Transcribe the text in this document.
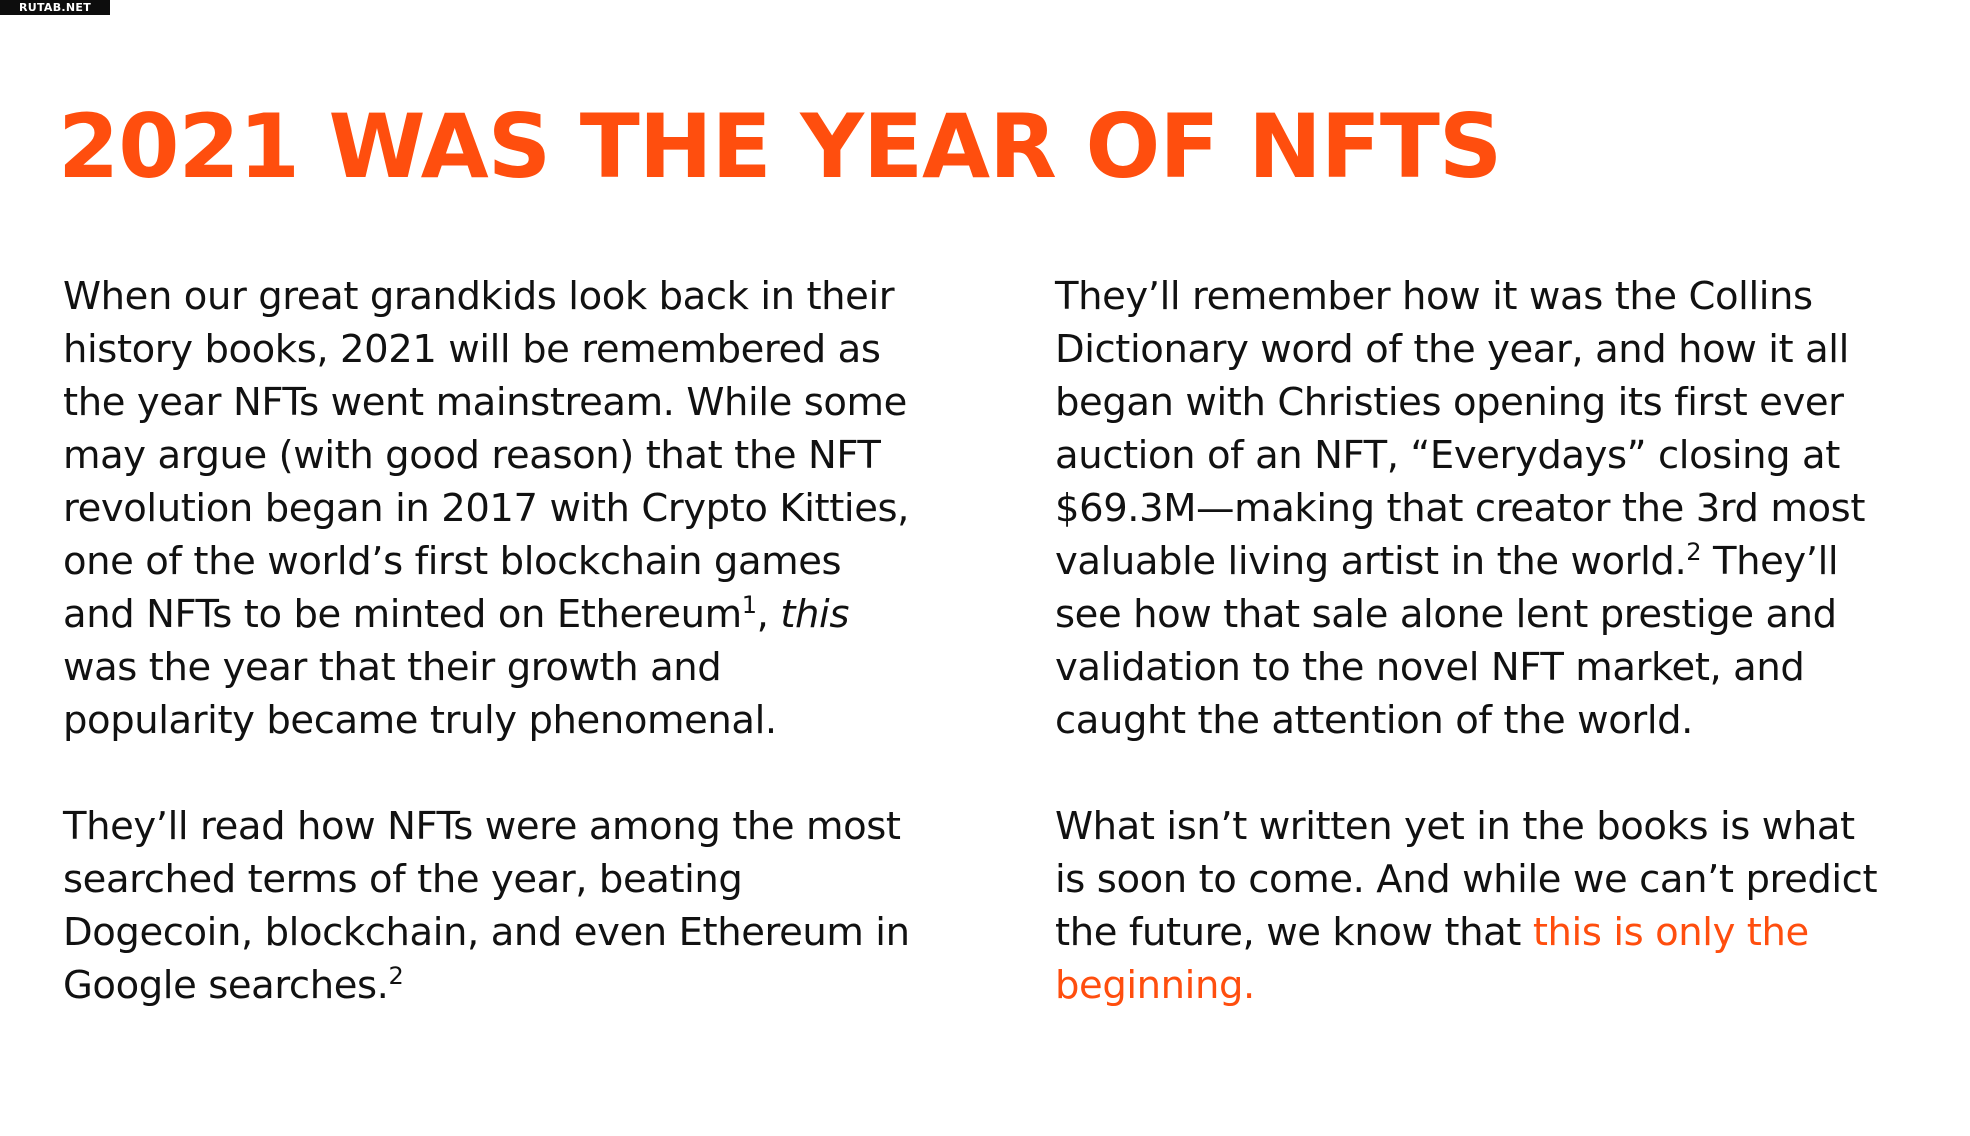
RUTAB.NET
2021 WAS THE YEAR OF NFTS
When our great grandkids look back in their
history books, 2021 will be remembered as
the year NFTs went mainstream. While some
may argue (with good reason) that the NFT
revolution began in 2017 with Crypto Kitties,
one of the world’s first blockchain games
and NFTs to be minted on Ethereum$^1$, this
was the year that their growth and
popularity became truly phenomenal.
They’ll read how NFTs were among the most
searched terms of the year, beating
Dogecoin, blockchain, and even Ethereum in
Google searches.$^2$
They’ll remember how it was the Collins
Dictionary word of the year, and how it all
began with Christies opening its first ever
auction of an NFT, “Everydays” closing at
$69.3M—making that creator the 3rd most
valuable living artist in the world.$^2$ They’ll
see how that sale alone lent prestige and
validation to the novel NFT market, and
caught the attention of the world.
What isn’t written yet in the books is what
is soon to come. And while we can’t predict
the future, we know that this is only the
beginning.
